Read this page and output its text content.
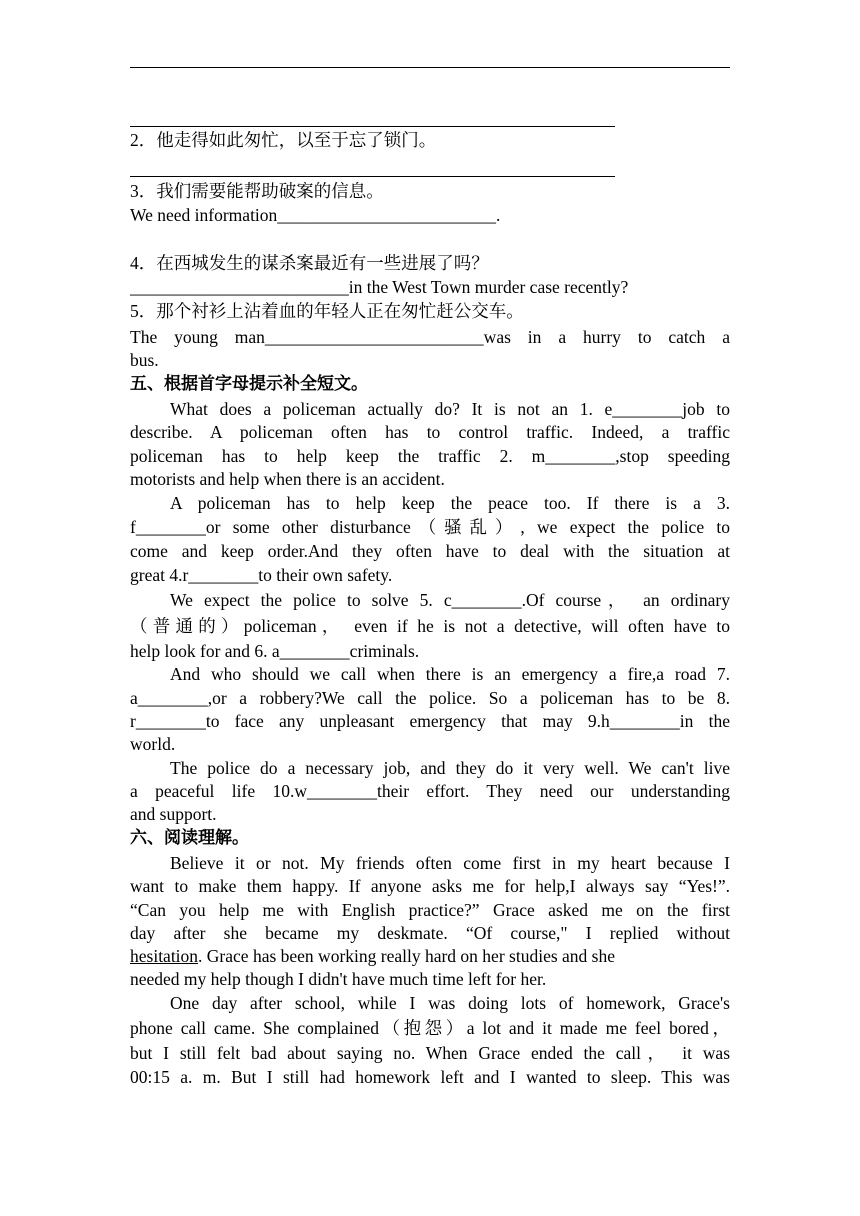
2．他走得如此匆忙，以至于忘了锁门。
3．我们需要能帮助破案的信息。
We need information_________________________.
4．在西城发生的谋杀案最近有一些进展了吗？
_________________________in the West Town murder case recently?
5．那个衬衫上沾着血的年轻人正在匆忙赶公交车。
The young man_________________________was in a hurry to catch a
bus.
五、根据首字母提示补全短文。
What does a policeman actually do? It is not an 1. e________job to
describe. A policeman often has to control traffic. Indeed, a traffic
policeman has to help keep the traffic 2. m________,stop speeding
motorists and help when there is an accident.
A policeman has to help keep the peace too. If there is a 3.
f________or some other disturbance（骚乱）, we expect the police to
come and keep order.And they often have to deal with the situation at
great 4.r________to their own safety.
We expect the police to solve 5. c________.Of course， an ordinary
（普通的）policeman， even if he is not a detective, will often have to
help look for and 6. a________criminals.
And who should we call when there is an emergency a fire,a road 7.
a________,or a robbery?We call the police. So a policeman has to be 8.
r________to face any unpleasant emergency that may 9.h________in the
world.
The police do a necessary job, and they do it very well. We can't live
a peaceful life 10.w________their effort. They need our understanding
and support.
六、阅读理解。
Believe it or not. My friends often come first in my heart because I
want to make them happy. If anyone asks me for help,I always say “Yes!”.
“Can you help me with English practice?” Grace asked me on the first
day after she became my deskmate. “Of course," I replied without
hesitation. Grace has been working really hard on her studies and she
needed my help though I didn't have much time left for her.
One day after school, while I was doing lots of homework, Grace's
phone call came. She complained（抱怨）a lot and it made me feel bored，
but I still felt bad about saying no. When Grace ended the call， it was
00:15 a. m. But I still had homework left and I wanted to sleep. This was
